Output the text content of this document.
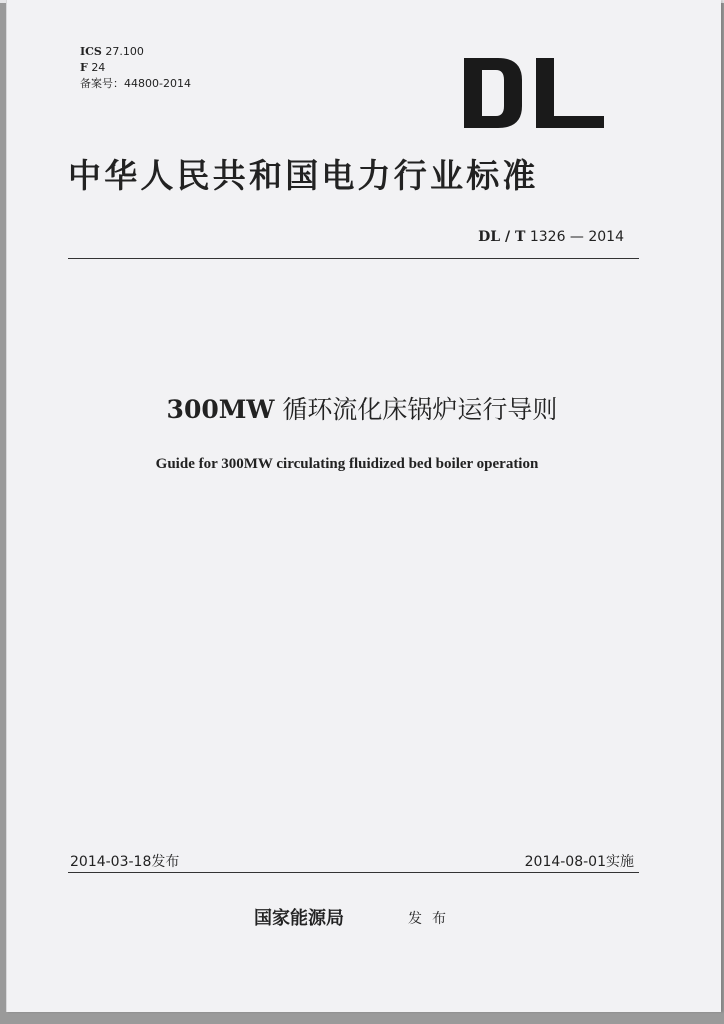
ICS 27.100
F 24
备案号：44800-2014
中华人民共和国电力行业标准
DL / T 1326 — 2014
300MW 循环流化床锅炉运行导则
Guide for 300MW circulating fluidized bed boiler operation
2014-03-18发布	2014-08-01实施
国家能源局	发布
